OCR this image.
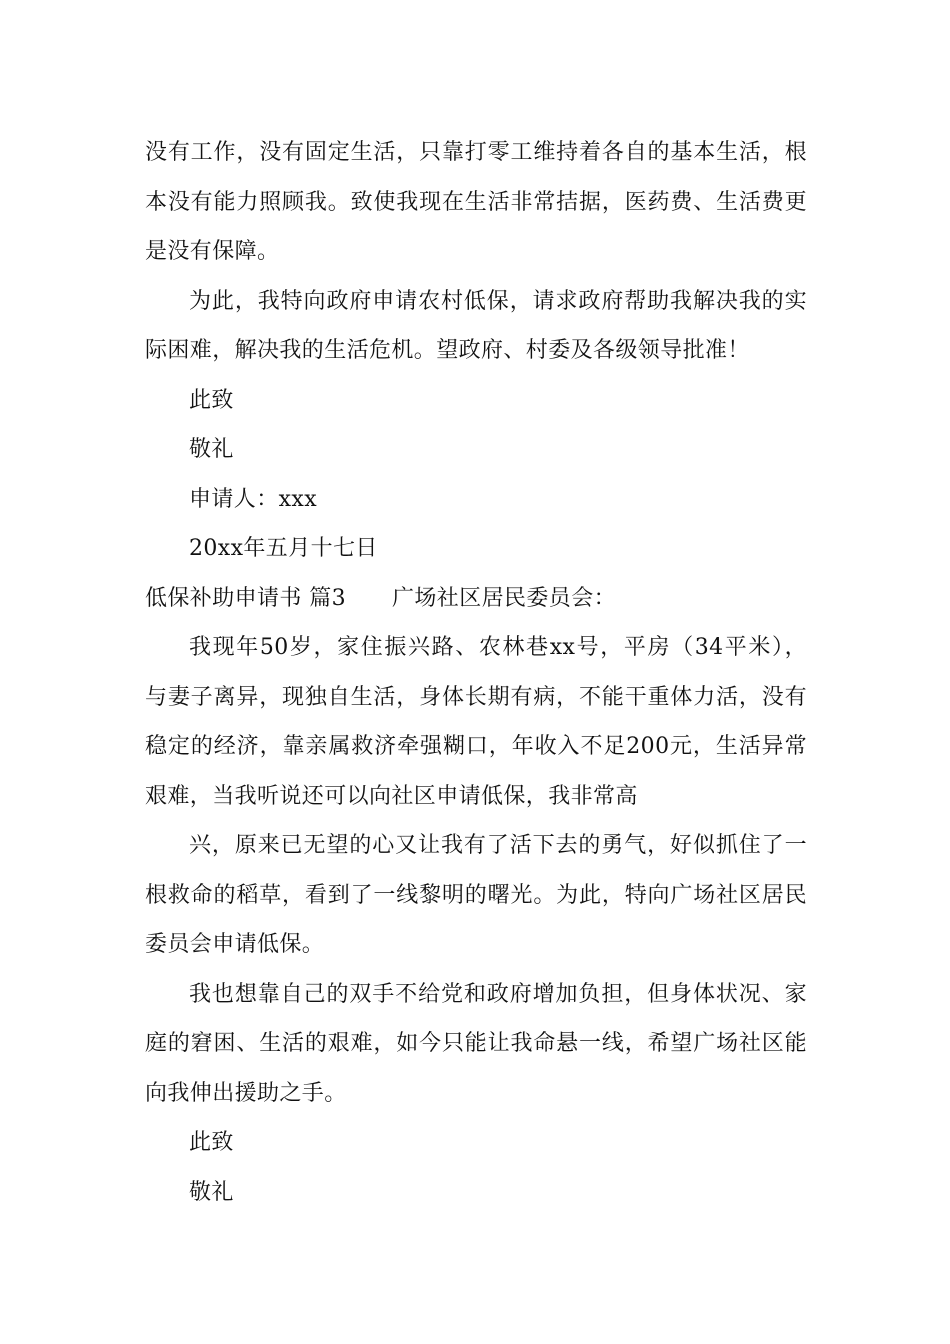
没有工作，没有固定生活，只靠打零工维持着各自的基本生活，根
本没有能力照顾我。致使我现在生活非常拮据，医药费、生活费更
是没有保障。
为此，我特向政府申请农村低保，请求政府帮助我解决我的实
际困难，解决我的生活危机。望政府、村委及各级领导批准！
此致
敬礼
申请人：xxx
20xx年五月十七日
低保补助申请书 篇3 广场社区居民委员会：
我现年50岁，家住振兴路、农林巷xx号，平房（34平米），
与妻子离异，现独自生活，身体长期有病，不能干重体力活，没有
稳定的经济，靠亲属救济牵强糊口，年收入不足200元，生活异常
艰难，当我听说还可以向社区申请低保，我非常高
兴，原来已无望的心又让我有了活下去的勇气，好似抓住了一
根救命的稻草，看到了一线黎明的曙光。为此，特向广场社区居民
委员会申请低保。
我也想靠自己的双手不给党和政府增加负担，但身体状况、家
庭的窘困、生活的艰难，如今只能让我命悬一线，希望广场社区能
向我伸出援助之手。
此致
敬礼
